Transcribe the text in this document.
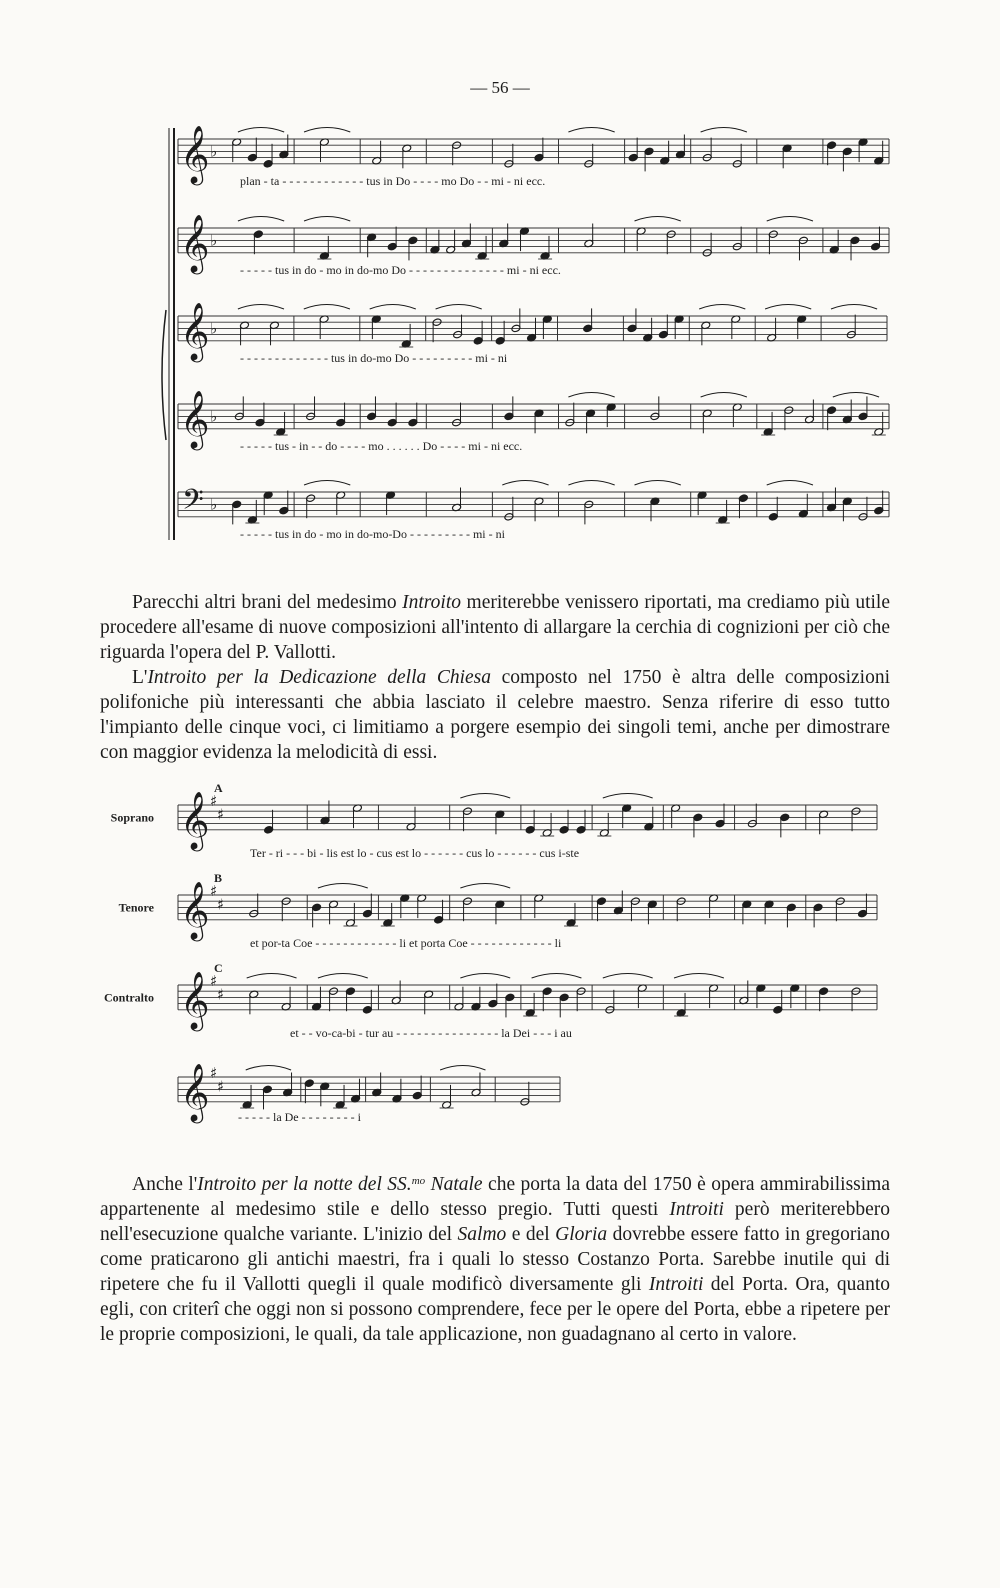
— 56 —
𝄞 ♭
plan - ta - - - - - - - - - - - - tus in Do - - - - mo Do - - mi - ni ecc.
𝄞 ♭
- - - - - tus in do - mo in do-mo Do - - - - - - - - - - - - - - mi - ni ecc.
𝄞 ♭
- - - - - - - - - - - - - tus in do-mo Do - - - - - - - - - mi - ni
𝄞 ♭
- - - - - tus - in - - do - - - - mo . . . . . . Do - - - - mi - ni ecc.
𝄢 ♭
- - - - - tus in do - mo in do-mo-Do - - - - - - - - - mi - ni
𝄞 ♯
♯
A
Soprano
Ter - ri - - - bi - lis est lo - cus est lo - - - - - - cus lo - - - - - - cus i-ste
𝄞 ♯
♯
B
Tenore
et por-ta Coe - - - - - - - - - - - - li et porta Coe - - - - - - - - - - - - li
𝄞 ♯
♯
C
Contralto
et - - vo-ca-bi - tur au - - - - - - - - - - - - - - - la Dei - - - i au
𝄞 ♯
♯
- - - - - la De - - - - - - - - i

Parecchi altri brani del medesimo Introito meriterebbe venissero riportati, ma crediamo più utile procedere all'esame di nuove composizioni all'intento di allargare la cerchia di cognizioni per ciò che riguarda l'opera del P. Vallotti.

L'Introito per la Dedicazione della Chiesa composto nel 1750 è altra delle composizioni polifoniche più interessanti che abbia lasciato il celebre maestro. Senza riferire di esso tutto l'impianto delle cinque voci, ci limitiamo a porgere esempio dei singoli temi, anche per dimostrare con maggior evidenza la melodicità di essi.

Anche l'Introito per la notte del SS.$^{mo}$ Natale che porta la data del 1750 è opera ammirabilissima appartenente al medesimo stile e dello stesso pregio. Tutti questi Introiti però meriterebbero nell'esecuzione qualche variante. L'inizio del Salmo e del Gloria dovrebbe essere fatto in gregoriano come praticarono gli antichi maestri, fra i quali lo stesso Costanzo Porta. Sarebbe inutile qui di ripetere che fu il Vallotti quegli il quale modificò diversamente gli Introiti del Porta. Ora, quanto egli, con criterî che oggi non si possono comprendere, fece per le opere del Porta, ebbe a ripetere per le proprie composizioni, le quali, da tale applicazione, non guadagnano al certo in valore.
